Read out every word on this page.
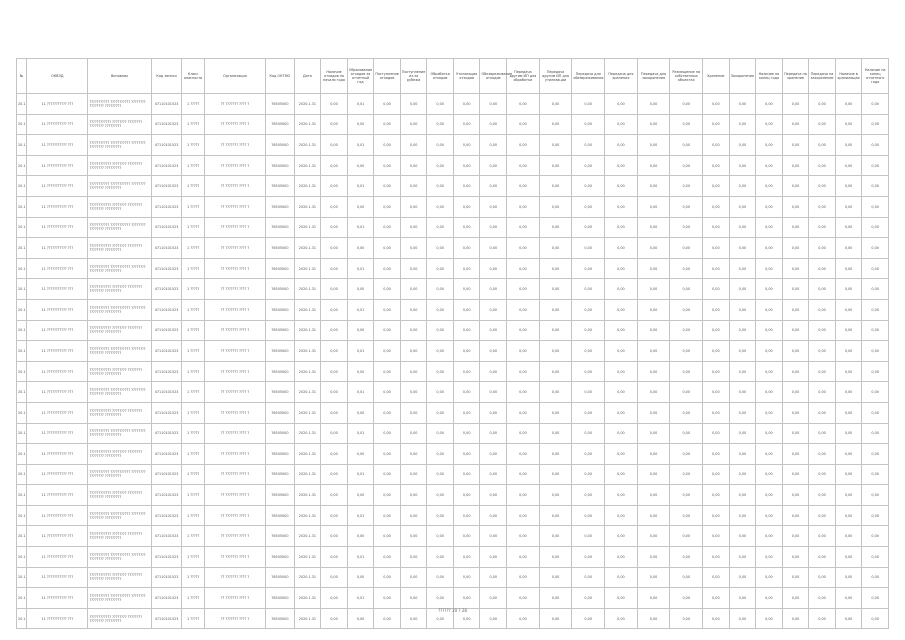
№	ОКВЭД	Виновник	Код записи	Класс опасности	Организация	Код ОКТМО	Дата	Наличие отходов на начало года	Образование отходов за отчетный год	Поступление отходов	Поступление из-за рубежа	Обработка отходов	Утилизация отходов	Обезвреживание отходов	Передача другим ИП для обработки	Передача другим ИП для утилизации	Передача для обезвреживания	Передача для хранения	Передача для захоронения	Размещение на собственных объектах	Хранение	Захоронение	Наличие на конец года	Передача на хранение	Передача на захоронение	Наличие в хранилищах	Наличие на конец отчетного года
20.1	11 ??????????? ???	??????????? ??????????? ???????? ???????? ?????????	47110101523	1 ?????	?? ??????? ???? ?	76505000	2020.1.31	0,00	0,01	0,00	0,00	0,00	0,00	0,00	0,00	0,00	0,00	0,00	0,00	0,00	0,00	0,00	0,00	0,00	0,00	0,00	0,00
20.1	11 ??????????? ???	???????????? ???????? ???????? ???????? ?????????	47110101523	1 ?????	?? ??????? ???? ?	76505000	2020.1.31	0,00	0,00	0,00	0,00	0,00	0,00	0,00	0,00	0,00	0,00	0,00	0,00	0,00	0,00	0,00	0,00	0,00	0,00	0,00	0,00
20.1	11 ??????????? ???	??????????? ??????????? ???????? ???????? ?????????	47110101523	1 ?????	?? ??????? ???? ?	76505000	2020.1.31	0,00	0,01	0,00	0,00	0,00	0,00	0,00	0,00	0,00	0,00	0,00	0,00	0,00	0,00	0,00	0,00	0,00	0,00	0,00	0,00
20.1	11 ??????????? ???	???????????? ???????? ???????? ???????? ?????????	47110101523	1 ?????	?? ??????? ???? ?	76505000	2020.1.31	0,00	0,00	0,00	0,00	0,00	0,00	0,00	0,00	0,00	0,00	0,00	0,00	0,00	0,00	0,00	0,00	0,00	0,00	0,00	0,00
20.1	11 ??????????? ???	??????????? ??????????? ???????? ???????? ?????????	47110101523	1 ?????	?? ??????? ???? ?	76505000	2020.1.31	0,00	0,01	0,00	0,00	0,00	0,00	0,00	0,00	0,00	0,00	0,00	0,00	0,00	0,00	0,00	0,00	0,00	0,00	0,00	0,00
20.1	11 ??????????? ???	???????????? ???????? ???????? ???????? ?????????	47110101523	1 ?????	?? ??????? ???? ?	76505000	2020.1.31	0,00	0,00	0,00	0,00	0,00	0,00	0,00	0,00	0,00	0,00	0,00	0,00	0,00	0,00	0,00	0,00	0,00	0,00	0,00	0,00
20.1	11 ??????????? ???	??????????? ??????????? ???????? ???????? ?????????	47110101523	1 ?????	?? ??????? ???? ?	76505000	2020.1.31	0,00	0,01	0,00	0,00	0,00	0,00	0,00	0,00	0,00	0,00	0,00	0,00	0,00	0,00	0,00	0,00	0,00	0,00	0,00	0,00
20.1	11 ??????????? ???	???????????? ???????? ???????? ???????? ?????????	47110101523	1 ?????	?? ??????? ???? ?	76505000	2020.1.31	0,00	0,00	0,00	0,00	0,00	0,00	0,00	0,00	0,00	0,00	0,00	0,00	0,00	0,00	0,00	0,00	0,00	0,00	0,00	0,00
20.1	11 ??????????? ???	??????????? ??????????? ???????? ???????? ?????????	47110101523	1 ?????	?? ??????? ???? ?	76505000	2020.1.31	0,00	0,01	0,00	0,00	0,00	0,00	0,00	0,00	0,00	0,00	0,00	0,00	0,00	0,00	0,00	0,00	0,00	0,00	0,00	0,00
20.1	11 ??????????? ???	???????????? ???????? ???????? ???????? ?????????	47110101523	1 ?????	?? ??????? ???? ?	76505000	2020.1.31	0,00	0,00	0,00	0,00	0,00	0,00	0,00	0,00	0,00	0,00	0,00	0,00	0,00	0,00	0,00	0,00	0,00	0,00	0,00	0,00
20.1	11 ??????????? ???	??????????? ??????????? ???????? ???????? ?????????	47110101523	1 ?????	?? ??????? ???? ?	76505000	2020.1.31	0,00	0,01	0,00	0,00	0,00	0,00	0,00	0,00	0,00	0,00	0,00	0,00	0,00	0,00	0,00	0,00	0,00	0,00	0,00	0,00
20.1	11 ??????????? ???	???????????? ???????? ???????? ???????? ?????????	47110101523	1 ?????	?? ??????? ???? ?	76505000	2020.1.31	0,00	0,00	0,00	0,00	0,00	0,00	0,00	0,00	0,00	0,00	0,00	0,00	0,00	0,00	0,00	0,00	0,00	0,00	0,00	0,00
20.1	11 ??????????? ???	??????????? ??????????? ???????? ???????? ?????????	47110101523	1 ?????	?? ??????? ???? ?	76505000	2020.1.31	0,00	0,01	0,00	0,00	0,00	0,00	0,00	0,00	0,00	0,00	0,00	0,00	0,00	0,00	0,00	0,00	0,00	0,00	0,00	0,00
20.1	11 ??????????? ???	???????????? ???????? ???????? ???????? ?????????	47110101523	1 ?????	?? ??????? ???? ?	76505000	2020.1.31	0,00	0,00	0,00	0,00	0,00	0,00	0,00	0,00	0,00	0,00	0,00	0,00	0,00	0,00	0,00	0,00	0,00	0,00	0,00	0,00
20.1	11 ??????????? ???	??????????? ??????????? ???????? ???????? ?????????	47110101523	1 ?????	?? ??????? ???? ?	76505000	2020.1.31	0,00	0,01	0,00	0,00	0,00	0,00	0,00	0,00	0,00	0,00	0,00	0,00	0,00	0,00	0,00	0,00	0,00	0,00	0,00	0,00
20.1	11 ??????????? ???	???????????? ???????? ???????? ???????? ?????????	47110101523	1 ?????	?? ??????? ???? ?	76505000	2020.1.31	0,00	0,00	0,00	0,00	0,00	0,00	0,00	0,00	0,00	0,00	0,00	0,00	0,00	0,00	0,00	0,00	0,00	0,00	0,00	0,00
20.1	11 ??????????? ???	??????????? ??????????? ???????? ???????? ?????????	47110101523	1 ?????	?? ??????? ???? ?	76505000	2020.1.31	0,00	0,01	0,00	0,00	0,00	0,00	0,00	0,00	0,00	0,00	0,00	0,00	0,00	0,00	0,00	0,00	0,00	0,00	0,00	0,00
20.1	11 ??????????? ???	???????????? ???????? ???????? ???????? ?????????	47110101523	1 ?????	?? ??????? ???? ?	76505000	2020.1.31	0,00	0,00	0,00	0,00	0,00	0,00	0,00	0,00	0,00	0,00	0,00	0,00	0,00	0,00	0,00	0,00	0,00	0,00	0,00	0,00
20.1	11 ??????????? ???	??????????? ??????????? ???????? ???????? ?????????	47110101523	1 ?????	?? ??????? ???? ?	76505000	2020.1.31	0,00	0,01	0,00	0,00	0,00	0,00	0,00	0,00	0,00	0,00	0,00	0,00	0,00	0,00	0,00	0,00	0,00	0,00	0,00	0,00
20.1	11 ??????????? ???	???????????? ???????? ???????? ???????? ?????????	47110101523	1 ?????	?? ??????? ???? ?	76505000	2020.1.31	0,00	0,00	0,00	0,00	0,00	0,00	0,00	0,00	0,00	0,00	0,00	0,00	0,00	0,00	0,00	0,00	0,00	0,00	0,00	0,00
20.1	11 ??????????? ???	??????????? ??????????? ???????? ???????? ?????????	47110101523	1 ?????	?? ??????? ???? ?	76505000	2020.1.31	0,00	0,01	0,00	0,00	0,00	0,00	0,00	0,00	0,00	0,00	0,00	0,00	0,00	0,00	0,00	0,00	0,00	0,00	0,00	0,00
20.1	11 ??????????? ???	???????????? ???????? ???????? ???????? ?????????	47110101523	1 ?????	?? ??????? ???? ?	76505000	2020.1.31	0,00	0,00	0,00	0,00	0,00	0,00	0,00	0,00	0,00	0,00	0,00	0,00	0,00	0,00	0,00	0,00	0,00	0,00	0,00	0,00
20.1	11 ??????????? ???	??????????? ??????????? ???????? ???????? ?????????	47110101523	1 ?????	?? ??????? ???? ?	76505000	2020.1.31	0,00	0,01	0,00	0,00	0,00	0,00	0,00	0,00	0,00	0,00	0,00	0,00	0,00	0,00	0,00	0,00	0,00	0,00	0,00	0,00
20.1	11 ??????????? ???	???????????? ???????? ???????? ???????? ?????????	47110101523	1 ?????	?? ??????? ???? ?	76505000	2020.1.31	0,00	0,00	0,00	0,00	0,00	0,00	0,00	0,00	0,00	0,00	0,00	0,00	0,00	0,00	0,00	0,00	0,00	0,00	0,00	0,00
20.1	11 ??????????? ???	??????????? ??????????? ???????? ???????? ?????????	47110101523	1 ?????	?? ??????? ???? ?	76505000	2020.1.31	0,00	0,01	0,00	0,00	0,00	0,00	0,00	0,00	0,00	0,00	0,00	0,00	0,00	0,00	0,00	0,00	0,00	0,00	0,00	0,00
20.1	11 ??????????? ???	???????????? ???????? ???????? ???????? ?????????	47110101523	1 ?????	?? ??????? ???? ?	76505000	2020.1.31	0,00	0,00	0,00	0,00	0,00	0,00	0,00	0,00	0,00	0,00	0,00	0,00	0,00	0,00	0,00	0,00	0,00	0,00	0,00	0,00
?????? 20 ? 28
